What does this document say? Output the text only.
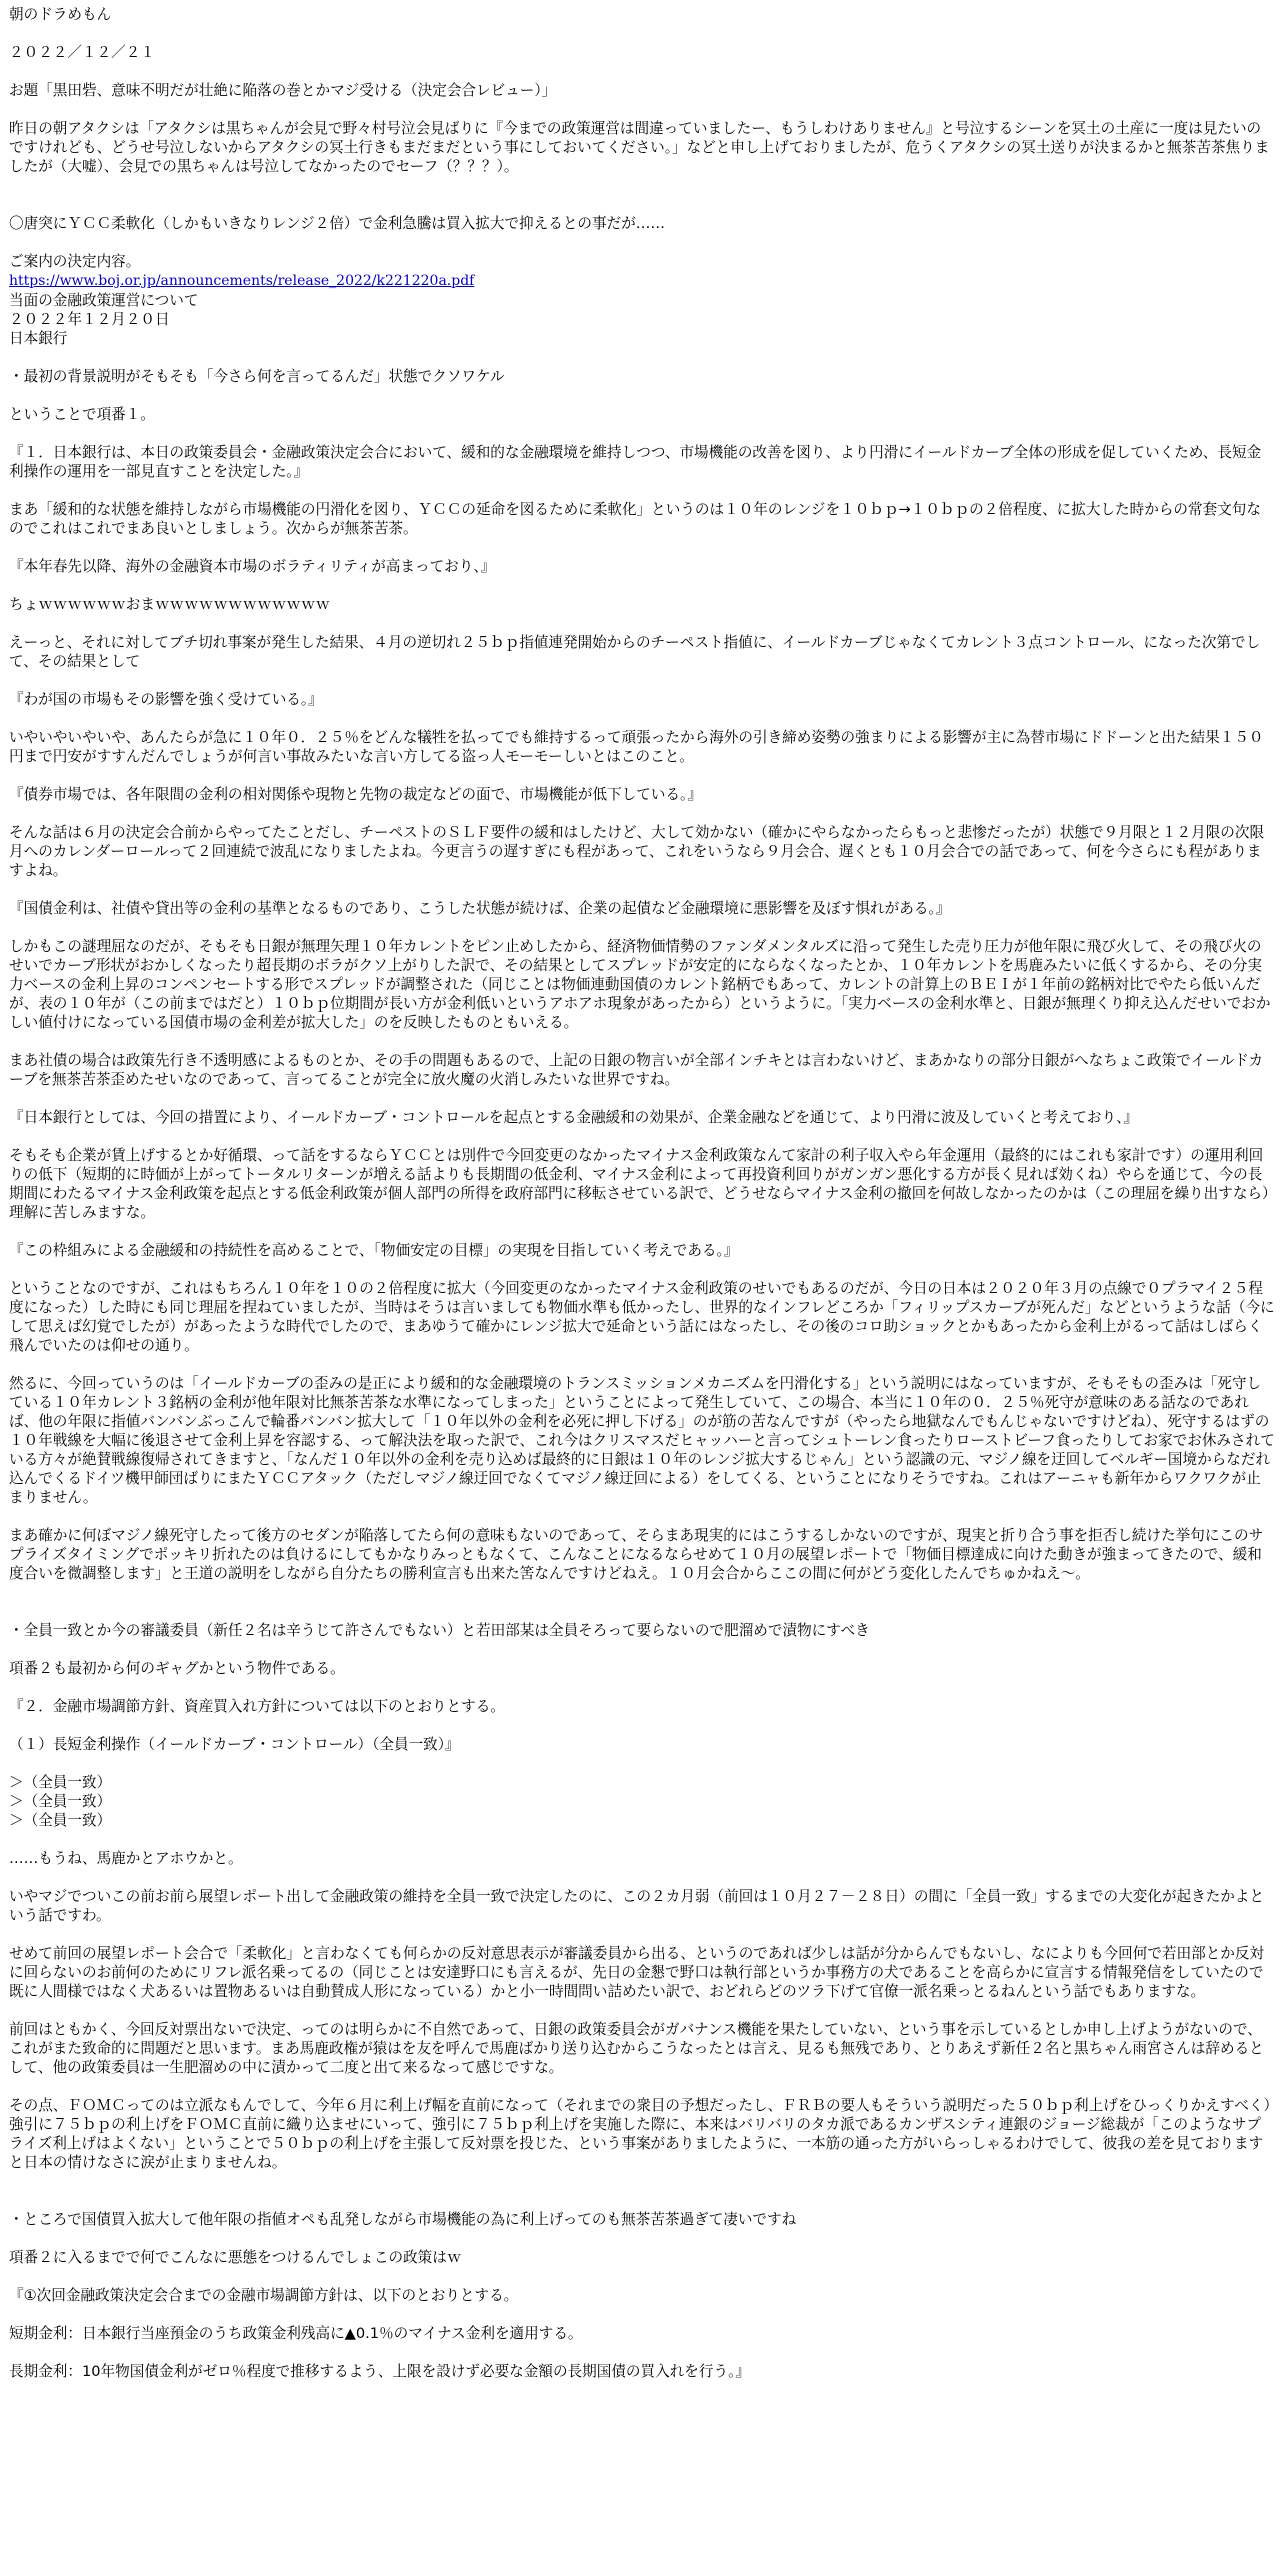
朝のドラめもん
２０２２／１２／２１
お題「黒田砦、意味不明だが壮絶に陥落の巻とかマジ受ける（決定会合レビュー）」
昨日の朝アタクシは「アタクシは黒ちゃんが会見で野々村号泣会見ばりに『今までの政策運営は間違っていましたー、もうしわけありません』と号泣するシーンを冥土の土産に一度は見たいのですけれども、どうせ号泣しないからアタクシの冥土行きもまだまだという事にしておいてください。」などと申し上げておりましたが、危うくアタクシの冥土送りが決まるかと無茶苦茶焦りましたが（大嘘）、会見での黒ちゃんは号泣してなかったのでセーフ（？？？）。
〇唐突にＹＣＣ柔軟化（しかもいきなりレンジ２倍）で金利急騰は買入拡大で抑えるとの事だが‥‥‥
ご案内の決定内容。
https://www.boj.or.jp/announcements/release_2022/k221220a.pdf
当面の金融政策運営について
２０２２年１２月２０日
日本銀行
・最初の背景説明がそもそも「今さら何を言ってるんだ」状態でクソワケル
ということで項番１。
『１．日本銀行は、本日の政策委員会・金融政策決定会合において、緩和的な金融環境を維持しつつ、市場機能の改善を図り、より円滑にイールドカーブ全体の形成を促していくため、長短金利操作の運用を一部見直すことを決定した。』
まあ「緩和的な状態を維持しながら市場機能の円滑化を図り、ＹＣＣの延命を図るために柔軟化」というのは１０年のレンジを１０ｂｐ→１０ｂｐの２倍程度、に拡大した時からの常套文句なのでこれはこれでまあ良いとしましょう。次からが無茶苦茶。
『本年春先以降、海外の金融資本市場のボラティリティが高まっており、』
ちょｗｗｗｗｗｗおまｗｗｗｗｗｗｗｗｗｗｗｗ
えーっと、それに対してブチ切れ事案が発生した結果、４月の逆切れ２５ｂｐ指値連発開始からのチーペスト指値に、イールドカーブじゃなくてカレント３点コントロール、になった次第でして、その結果として
『わが国の市場もその影響を強く受けている。』
いやいやいやいや、あんたらが急に１０年０．２５％をどんな犠牲を払ってでも維持するって頑張ったから海外の引き締め姿勢の強まりによる影響が主に為替市場にドドーンと出た結果１５０円まで円安がすすんだんでしょうが何言い事故みたいな言い方してる盗っ人モーモーしいとはこのこと。
『債券市場では、各年限間の金利の相対関係や現物と先物の裁定などの面で、市場機能が低下している。』
そんな話は６月の決定会合前からやってたことだし、チーペストのＳＬＦ要件の緩和はしたけど、大して効かない（確かにやらなかったらもっと悲惨だったが）状態で９月限と１２月限の次限月へのカレンダーロールって２回連続で波乱になりましたよね。今更言うの遅すぎにも程があって、これをいうなら９月会合、遅くとも１０月会合での話であって、何を今さらにも程がありますよね。
『国債金利は、社債や貸出等の金利の基準となるものであり、こうした状態が続けば、企業の起債など金融環境に悪影響を及ぼす惧れがある。』
しかもこの謎理屈なのだが、そもそも日銀が無理矢理１０年カレントをピン止めしたから、経済物価情勢のファンダメンタルズに沿って発生した売り圧力が他年限に飛び火して、その飛び火のせいでカーブ形状がおかしくなったり超長期のボラがクソ上がりした訳で、その結果としてスプレッドが安定的にならなくなったとか、１０年カレントを馬鹿みたいに低くするから、その分実力ベースの金利上昇のコンペンセートする形でスプレッドが調整された（同じことは物価連動国債のカレント銘柄でもあって、カレントの計算上のＢＥＩが１年前の銘柄対比でやたら低いんだが、表の１０年が（この前まではだと）１０ｂｐ位期間が長い方が金利低いというアホアホ現象があったから）というように。「実力ベースの金利水準と、日銀が無理くり抑え込んだせいでおかしい値付けになっている国債市場の金利差が拡大した」のを反映したものともいえる。
まあ社債の場合は政策先行き不透明感によるものとか、その手の問題もあるので、上記の日銀の物言いが全部インチキとは言わないけど、まあかなりの部分日銀がへなちょこ政策でイールドカーブを無茶苦茶歪めたせいなのであって、言ってることが完全に放火魔の火消しみたいな世界ですね。
『日本銀行としては、今回の措置により、イールドカーブ・コントロールを起点とする金融緩和の効果が、企業金融などを通じて、より円滑に波及していくと考えており、』
そもそも企業が賃上げするとか好循環、って話をするならＹＣＣとは別件で今回変更のなかったマイナス金利政策なんて家計の利子収入やら年金運用（最終的にはこれも家計です）の運用利回りの低下（短期的に時価が上がってトータルリターンが増える話よりも長期間の低金利、マイナス金利によって再投資利回りがガンガン悪化する方が長く見れば効くね）やらを通じて、今の長期間にわたるマイナス金利政策を起点とする低金利政策が個人部門の所得を政府部門に移転させている訳で、どうせならマイナス金利の撤回を何故しなかったのかは（この理屈を繰り出すなら）理解に苦しみますな。
『この枠組みによる金融緩和の持続性を高めることで、「物価安定の目標」の実現を目指していく考えである。』
ということなのですが、これはもちろん１０年を１０の２倍程度に拡大（今回変更のなかったマイナス金利政策のせいでもあるのだが、今日の日本は２０２０年３月の点線で０プラマイ２５程度になった）した時にも同じ理屈を捏ねていましたが、当時はそうは言いましても物価水準も低かったし、世界的なインフレどころか「フィリップスカーブが死んだ」などというような話（今にして思えば幻覚でしたが）があったような時代でしたので、まあゆうて確かにレンジ拡大で延命という話にはなったし、その後のコロ助ショックとかもあったから金利上がるって話はしばらく飛んでいたのは仰せの通り。
然るに、今回っていうのは「イールドカーブの歪みの是正により緩和的な金融環境のトランスミッションメカニズムを円滑化する」という説明にはなっていますが、そもそもの歪みは「死守している１０年カレント３銘柄の金利が他年限対比無茶苦茶な水準になってしまった」ということによって発生していて、この場合、本当に１０年の０．２５％死守が意味のある話なのであれば、他の年限に指値バンバンぶっこんで輪番バンバン拡大して「１０年以外の金利を必死に押し下げる」のが筋の苦なんですが（やったら地獄なんでもんじゃないですけどね）、死守するはずの１０年戦線を大幅に後退させて金利上昇を容認する、って解決法を取った訳で、これ今はクリスマスだヒャッハーと言ってシュトーレン食ったりローストビーフ食ったりしてお家でお休みされている方々が絶賛戦線復帰されてきますと、「なんだ１０年以外の金利を売り込めば最終的に日銀は１０年のレンジ拡大するじゃん」という認識の元、マジノ線を迂回してベルギー国境からなだれ込んでくるドイツ機甲師団ばりにまたＹＣＣアタック（ただしマジノ線迂回でなくてマジノ線迂回による）をしてくる、ということになりそうですね。これはアーニャも新年からワクワクが止まりません。
まあ確かに何ぼマジノ線死守したって後方のセダンが陥落してたら何の意味もないのであって、そらまあ現実的にはこうするしかないのですが、現実と折り合う事を拒否し続けた挙句にこのサプライズタイミングでポッキリ折れたのは負けるにしてもかなりみっともなくて、こんなことになるならせめて１０月の展望レポートで「物価目標達成に向けた動きが強まってきたので、緩和度合いを微調整します」と王道の説明をしながら自分たちの勝利宣言も出来た筈なんですけどねえ。１０月会合からここの間に何がどう変化したんでちゅかねえ～。
・全員一致とか今の審議委員（新任２名は辛うじて許さんでもない）と若田部某は全員そろって要らないので肥溜めで漬物にすべき
項番２も最初から何のギャグかという物件である。
『２．金融市場調節方針、資産買入れ方針については以下のとおりとする。
（１）長短金利操作（イールドカーブ・コントロール）（全員一致）』
＞（全員一致）
＞（全員一致）
＞（全員一致）
‥‥‥もうね、馬鹿かとアホウかと。
いやマジでついこの前お前ら展望レポート出して金融政策の維持を全員一致で決定したのに、この２カ月弱（前回は１０月２７－２８日）の間に「全員一致」するまでの大変化が起きたかよという話ですわ。
せめて前回の展望レポート会合で「柔軟化」と言わなくても何らかの反対意思表示が審議委員から出る、というのであれば少しは話が分からんでもないし、なによりも今回何で若田部とか反対に回らないのお前何のためにリフレ派名乗ってるの（同じことは安達野口にも言えるが、先日の金懇で野口は執行部というか事務方の犬であることを高らかに宣言する情報発信をしていたので既に人間様ではなく犬あるいは置物あるいは自動賛成人形になっている）かと小一時間問い詰めたい訳で、おどれらどのツラ下げて官僚一派名乗っとるねんという話でもありますな。
前回はともかく、今回反対票出ないで決定、ってのは明らかに不自然であって、日銀の政策委員会がガバナンス機能を果たしていない、という事を示しているとしか申し上げようがないので、これがまた致命的に問題だと思います。まあ馬鹿政権が猿はを友を呼んで馬鹿ばかり送り込むからこうなったとは言え、見るも無残であり、とりあえず新任２名と黒ちゃん雨宮さんは辞めるとして、他の政策委員は一生肥溜めの中に漬かって二度と出て来るなって感じですな。
その点、ＦＯＭＣってのは立派なもんでして、今年６月に利上げ幅を直前になって（それまでの衆目の予想だったし、ＦＲＢの要人もそういう説明だった５０ｂｐ利上げをひっくりかえすべく）強引に７５ｂｐの利上げをＦＯＭＣ直前に織り込ませにいって、強引に７５ｂｐ利上げを実施した際に、本来はバリバリのタカ派であるカンザスシティ連銀のジョージ総裁が「このようなサプライズ利上げはよくない」ということで５０ｂｐの利上げを主張して反対票を投じた、という事案がありましたように、一本筋の通った方がいらっしゃるわけでして、彼我の差を見ておりますと日本の情けなさに涙が止まりませんね。
・ところで国債買入拡大して他年限の指値オペも乱発しながら市場機能の為に利上げってのも無茶苦茶過ぎて凄いですね
項番２に入るまでで何でこんなに悪態をつけるんでしょこの政策はｗ
『①次回金融政策決定会合までの金融市場調節方針は、以下のとおりとする。
短期金利：日本銀行当座預金のうち政策金利残高に▲0.1％のマイナス金利を適用する。
長期金利：10年物国債金利がゼロ％程度で推移するよう、上限を設けず必要な金額の長期国債の買入れを行う。』
